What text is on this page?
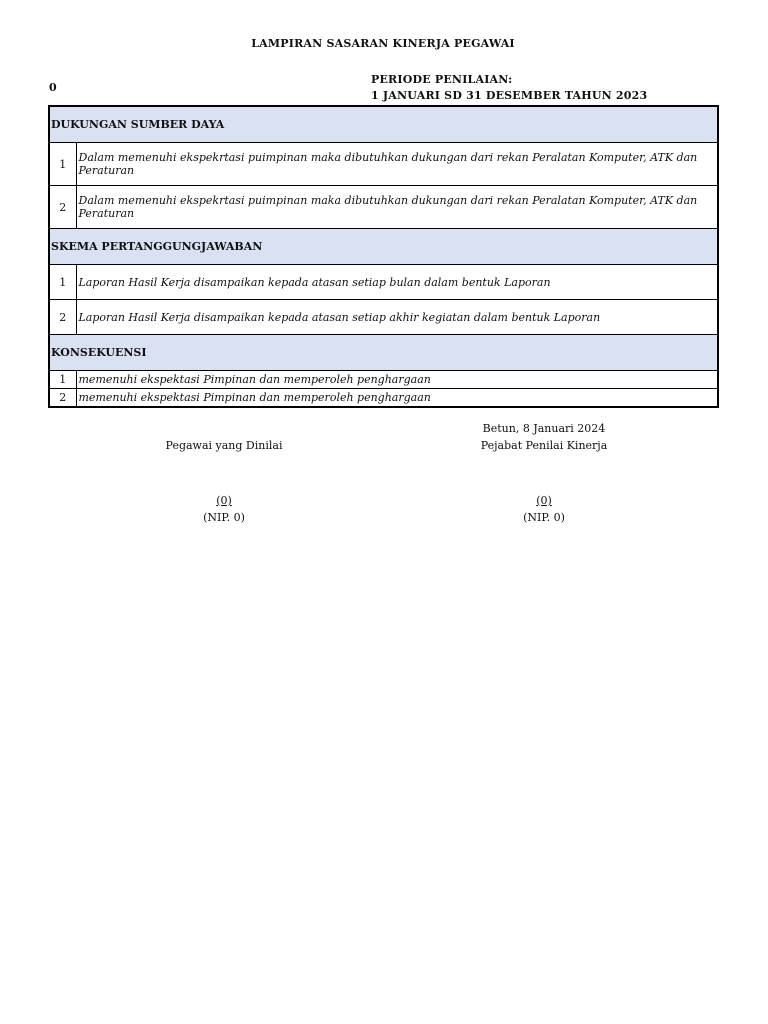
LAMPIRAN SASARAN KINERJA PEGAWAI
0
PERIODE PENILAIAN:
1 JANUARI SD 31 DESEMBER TAHUN 2023
DUKUNGAN SUMBER DAYA	
1	Dalam memenuhi ekspekrtasi puimpinan maka dibutuhkan dukungan dari rekan Peralatan Komputer, ATK dan Peraturan
2	Dalam memenuhi ekspekrtasi puimpinan maka dibutuhkan dukungan dari rekan Peralatan Komputer, ATK dan Peraturan
SKEMA PERTANGGUNGJAWABAN	
1	Laporan Hasil Kerja disampaikan kepada atasan setiap bulan dalam bentuk Laporan
2	Laporan Hasil Kerja disampaikan kepada atasan setiap akhir kegiatan dalam bentuk Laporan
KONSEKUENSI	
1	memenuhi ekspektasi Pimpinan dan memperoleh penghargaan
2	memenuhi ekspektasi Pimpinan dan memperoleh penghargaan
Pegawai yang Dinilai
(0)
(NIP. 0)
Betun, 8 Januari 2024
Pejabat Penilai Kinerja
(0)
(NIP. 0)
